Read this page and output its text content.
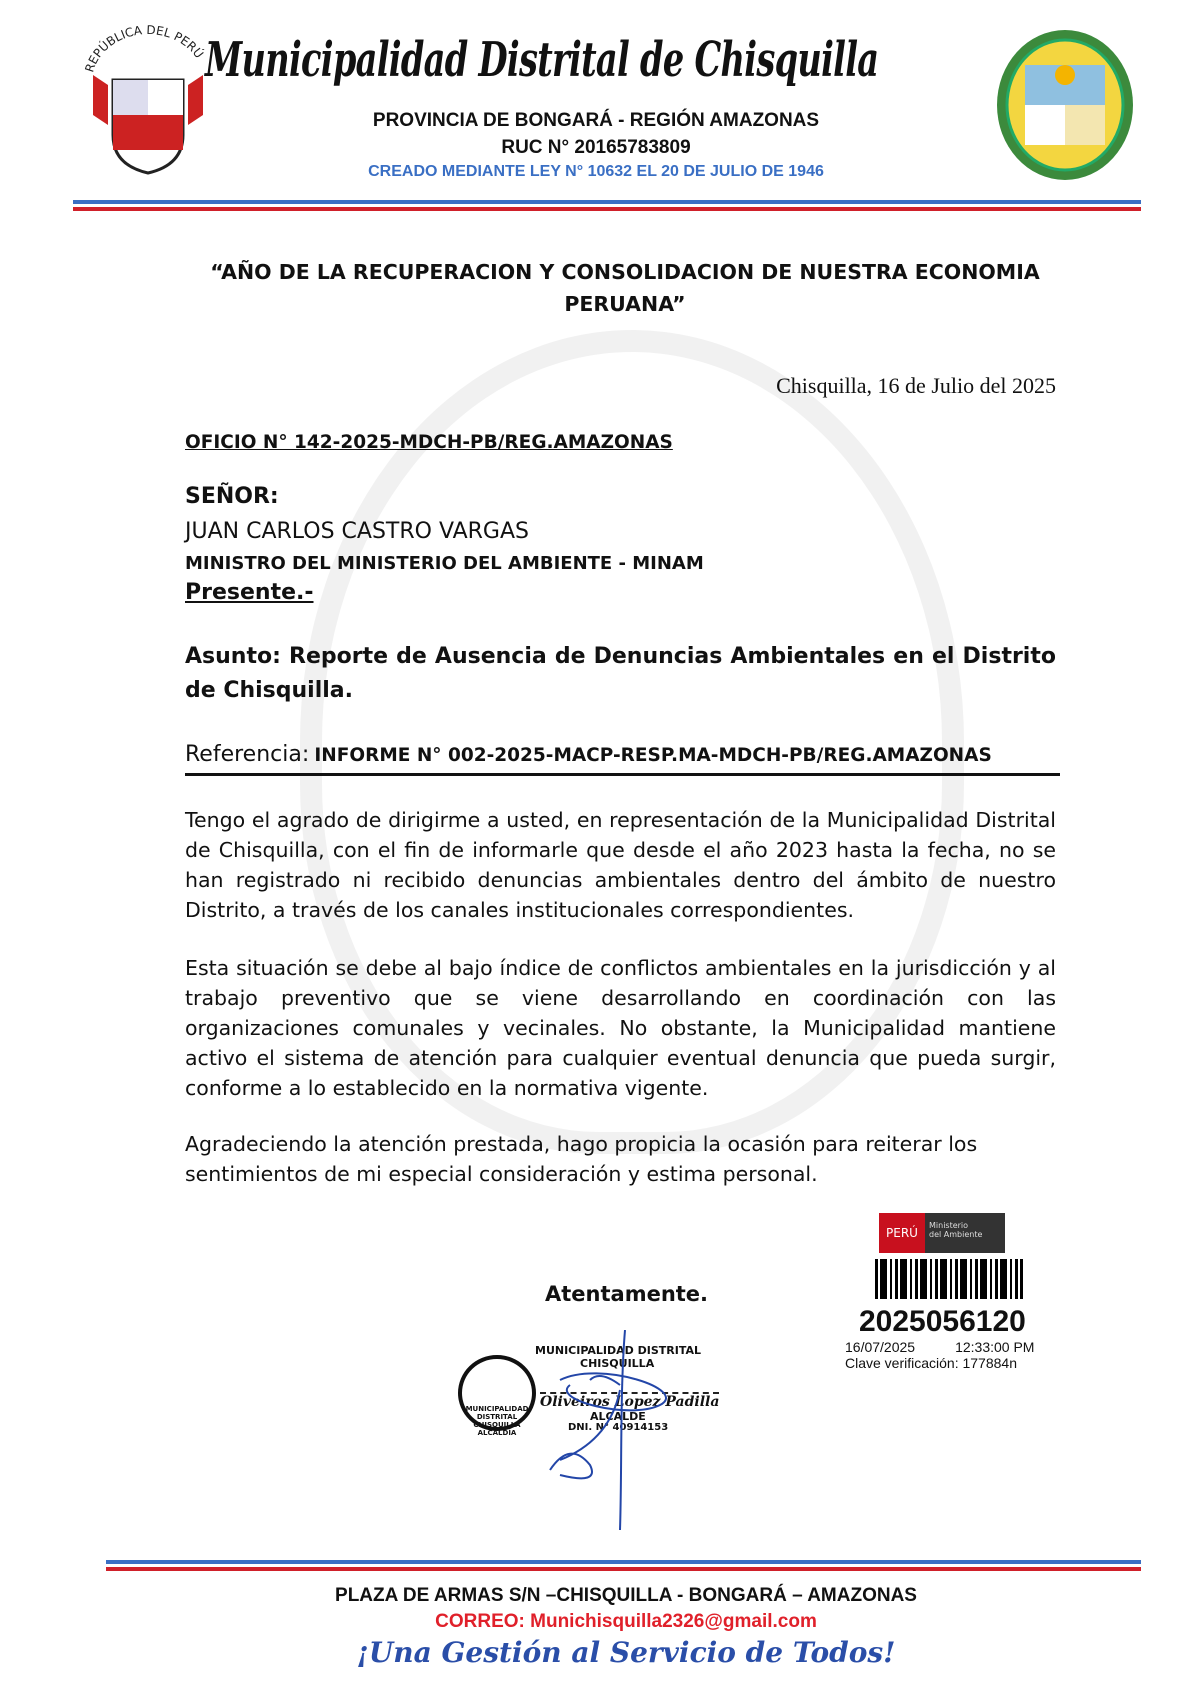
EPÚBLICA DEL PERÚ
Municipalidad Distrital de Chisquilla
PROVINCIA DE BONGARÁ - REGIÓN AMAZONAS
RUC N° 20165783809
CREADO MEDIANTE LEY N° 10632 EL 20 DE JULIO DE 1946
“AÑO DE LA RECUPERACION Y CONSOLIDACION DE NUESTRA ECONOMIA PERUANA”
Chisquilla, 16 de Julio del 2025
OFICIO N° 142-2025-MDCH-PB/REG.AMAZONAS
SEÑOR:
JUAN CARLOS CASTRO VARGAS
MINISTRO DEL MINISTERIO DEL AMBIENTE - MINAM
Presente.-
Asunto: Reporte de Ausencia de Denuncias Ambientales en el Distrito de Chisquilla.
Referencia: INFORME N° 002-2025-MACP-RESP.MA-MDCH-PB/REG.AMAZONAS
Tengo el agrado de dirigirme a usted, en representación de la Municipalidad Distrital de Chisquilla, con el fin de informarle que desde el año 2023 hasta la fecha, no se han registrado ni recibido denuncias ambientales dentro del ámbito de nuestro Distrito, a través de los canales institucionales correspondientes.
Esta situación se debe al bajo índice de conflictos ambientales en la jurisdicción y al trabajo preventivo que se viene desarrollando en coordinación con las organizaciones comunales y vecinales. No obstante, la Municipalidad mantiene activo el sistema de atención para cualquier eventual denuncia que pueda surgir, conforme a lo establecido en la normativa vigente.
Agradeciendo la atención prestada, hago propicia la ocasión para reiterar los sentimientos de mi especial consideración y estima personal.
Atentamente.
MUNICIPALIDAD DISTRITAL CHISQUILLA ALCALDÍA
MUNICIPALIDAD DISTRITAL
CHISQUILLA
Oliveiros Lopez Padilla
ALCALDE
DNI. N° 40914153
PERÚ
Ministerio
del Ambiente
2025056120
16/07/2025	12:33:00 PM
Clave verificación: 177884n
PLAZA DE ARMAS S/N –CHISQUILLA - BONGARÁ – AMAZONAS
CORREO: Munichisquilla2326@gmail.com
¡Una Gestión al Servicio de Todos!
